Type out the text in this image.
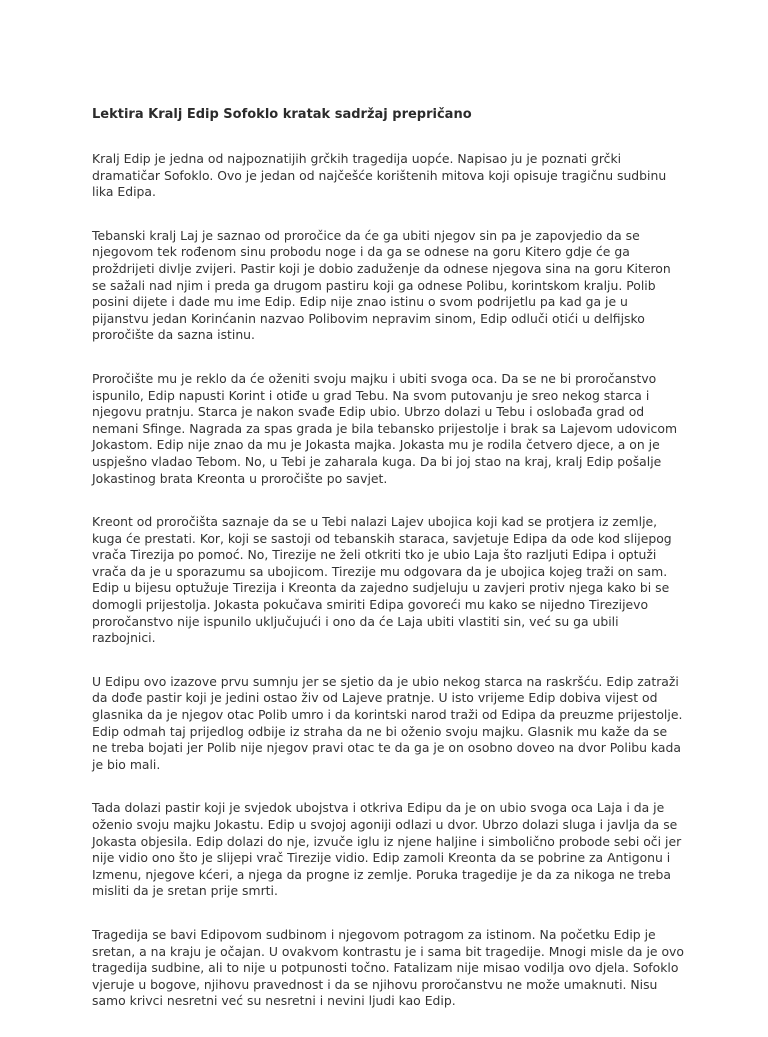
Lektira Kralj Edip Sofoklo kratak sadržaj prepričano

Kralj Edip je jedna od najpoznatijih grčkih tragedija uopće. Napisao ju je poznati grčki dramatičar Sofoklo. Ovo je jedan od najčešće korištenih mitova koji opisuje tragičnu sudbinu lika Edipa.

Tebanski kralj Laj je saznao od proročice da će ga ubiti njegov sin pa je zapovjedio da se njegovom tek rođenom sinu probodu noge i da ga se odnese na goru Kitero gdje će ga proždrijeti divlje zvijeri. Pastir koji je dobio zaduženje da odnese njegova sina na goru Kiteron se sažali nad njim i preda ga drugom pastiru koji ga odnese Polibu, korintskom kralju. Polib posini dijete i dade mu ime Edip. Edip nije znao istinu o svom podrijetlu pa kad ga je u pijanstvu jedan Korinćanin nazvao Polibovim nepravim sinom, Edip odluči otići u delfijsko proročište da sazna istinu.

Proročište mu je reklo da će oženiti svoju majku i ubiti svoga oca. Da se ne bi proročanstvo ispunilo, Edip napusti Korint i otiđe u grad Tebu. Na svom putovanju je sreo nekog starca i njegovu pratnju. Starca je nakon svađe Edip ubio. Ubrzo dolazi u Tebu i oslobađa grad od nemani Sfinge. Nagrada za spas grada je bila tebansko prijestolje i brak sa Lajevom udovicom Jokastom. Edip nije znao da mu je Jokasta majka. Jokasta mu je rodila četvero djece, a on je uspješno vladao Tebom. No, u Tebi je zaharala kuga. Da bi joj stao na kraj, kralj Edip pošalje Jokastinog brata Kreonta u proročište po savjet.

Kreont od proročišta saznaje da se u Tebi nalazi Lajev ubojica koji kad se protjera iz zemlje, kuga će prestati. Kor, koji se sastoji od tebanskih staraca, savjetuje Edipa da ode kod slijepog vrača Tirezija po pomoć. No, Tirezije ne želi otkriti tko je ubio Laja što razljuti Edipa i optuži vrača da je u sporazumu sa ubojicom. Tirezije mu odgovara da je ubojica kojeg traži on sam. Edip u bijesu optužuje Tirezija i Kreonta da zajedno sudjeluju u zavjeri protiv njega kako bi se domogli prijestolja. Jokasta pokučava smiriti Edipa govoreći mu kako se nijedno Tirezijevo proročanstvo nije ispunilo uključujući i ono da će Laja ubiti vlastiti sin, već su ga ubili razbojnici.

U Edipu ovo izazove prvu sumnju jer se sjetio da je ubio nekog starca na raskršću. Edip zatraži da dođe pastir koji je jedini ostao živ od Lajeve pratnje. U isto vrijeme Edip dobiva vijest od glasnika da je njegov otac Polib umro i da korintski narod traži od Edipa da preuzme prijestolje. Edip odmah taj prijedlog odbije iz straha da ne bi oženio svoju majku. Glasnik mu kaže da se ne treba bojati jer Polib nije njegov pravi otac te da ga je on osobno doveo na dvor Polibu kada je bio mali.

Tada dolazi pastir koji je svjedok ubojstva i otkriva Edipu da je on ubio svoga oca Laja i da je oženio svoju majku Jokastu. Edip u svojoj agoniji odlazi u dvor. Ubrzo dolazi sluga i javlja da se Jokasta objesila. Edip dolazi do nje, izvuče iglu iz njene haljine i simbolično probode sebi oči jer nije vidio ono što je slijepi vrač Tirezije vidio. Edip zamoli Kreonta da se pobrine za Antigonu i Izmenu, njegove kćeri, a njega da progne iz zemlje. Poruka tragedije je da za nikoga ne treba misliti da je sretan prije smrti.

Tragedija se bavi Edipovom sudbinom i njegovom potragom za istinom. Na početku Edip je sretan, a na kraju je očajan. U ovakvom kontrastu je i sama bit tragedije. Mnogi misle da je ovo tragedija sudbine, ali to nije u potpunosti točno. Fatalizam nije misao vodilja ovo djela. Sofoklo vjeruje u bogove, njihovu pravednost i da se njihovu proročanstvu ne može umaknuti. Nisu samo krivci nesretni već su nesretni i nevini ljudi kao Edip.
